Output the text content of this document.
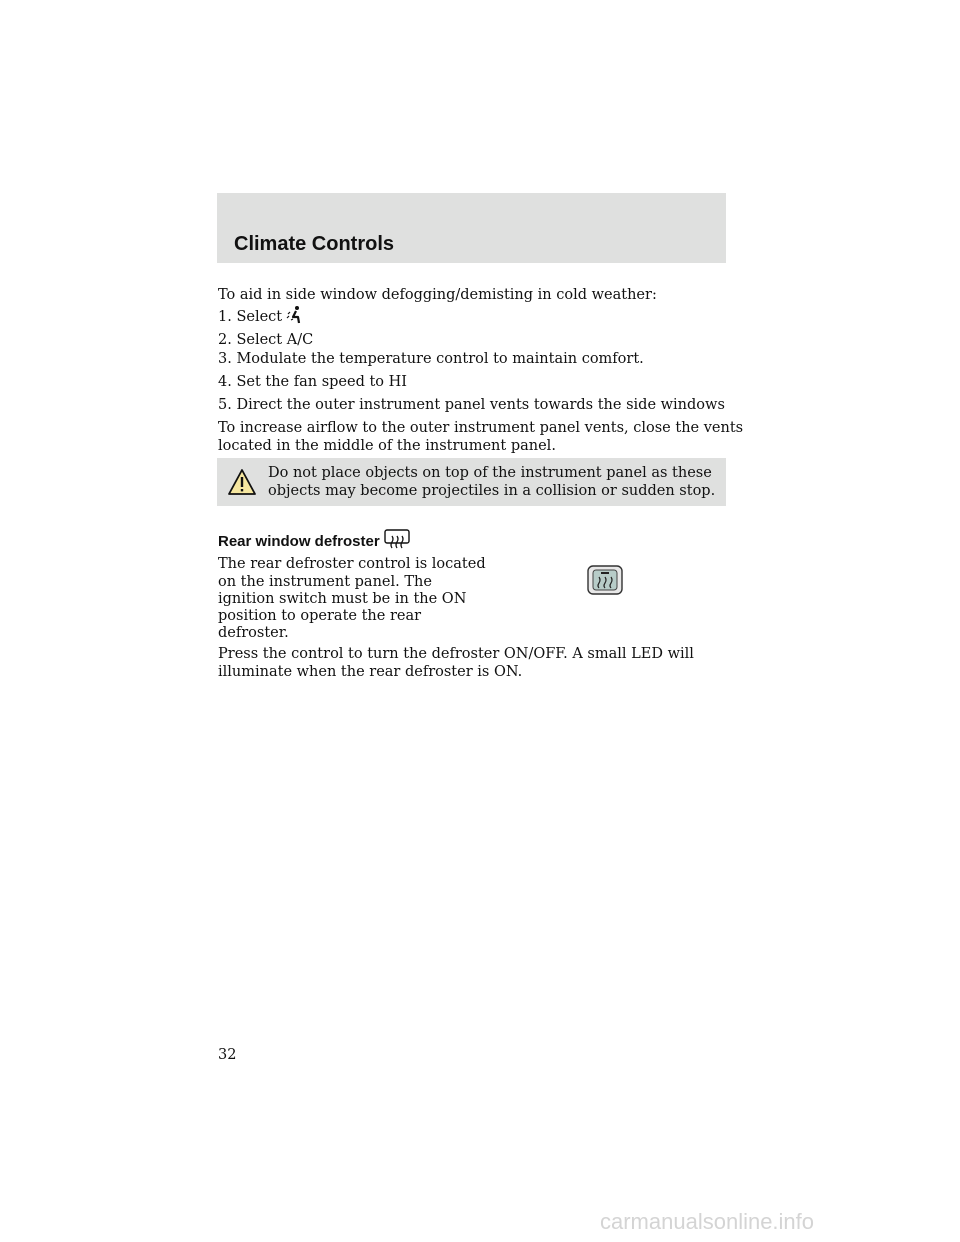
Climate Controls

To aid in side window defogging/demisting in cold weather:

1. Select

2. Select A/C

3. Modulate the temperature control to maintain comfort.

4. Set the fan speed to HI

5. Direct the outer instrument panel vents towards the side windows

To increase airflow to the outer instrument panel vents, close the vents

located in the middle of the instrument panel.

Do not place objects on top of the instrument panel as these
objects may become projectiles in a collision or sudden stop.

Rear window defroster

The rear defroster control is located

on the instrument panel. The

ignition switch must be in the ON

position to operate the rear

defroster.

Press the control to turn the defroster ON/OFF. A small LED will

illuminate when the rear defroster is ON.

32

carmanualsonline.info
